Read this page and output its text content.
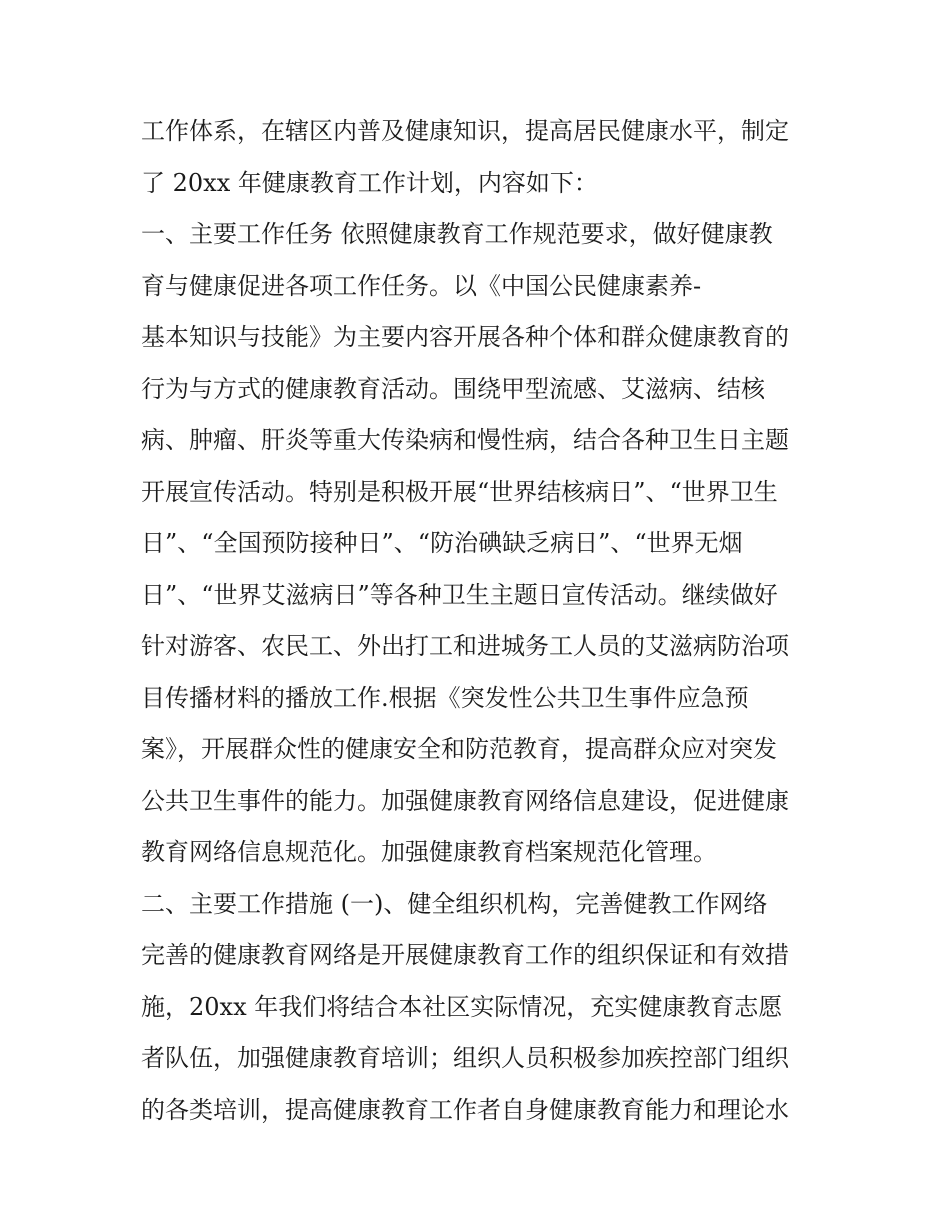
工作体系，在辖区内普及健康知识，提高居民健康水平，制定
了 20xx 年健康教育工作计划，内容如下：
一、主要工作任务 依照健康教育工作规范要求，做好健康教
育与健康促进各项工作任务。以《中国公民健康素养-
基本知识与技能》为主要内容开展各种个体和群众健康教育的
行为与方式的健康教育活动。围绕甲型流感、艾滋病、结核
病、肿瘤、肝炎等重大传染病和慢性病，结合各种卫生日主题
开展宣传活动。特别是积极开展“世界结核病日”、“世界卫生
日”、“全国预防接种日”、“防治碘缺乏病日”、“世界无烟
日”、“世界艾滋病日”等各种卫生主题日宣传活动。继续做好
针对游客、农民工、外出打工和进城务工人员的艾滋病防治项
目传播材料的播放工作.根据《突发性公共卫生事件应急预
案》，开展群众性的健康安全和防范教育，提高群众应对突发
公共卫生事件的能力。加强健康教育网络信息建设，促进健康
教育网络信息规范化。加强健康教育档案规范化管理。
二、主要工作措施 (一)、健全组织机构，完善健教工作网络
完善的健康教育网络是开展健康教育工作的组织保证和有效措
施，20xx 年我们将结合本社区实际情况，充实健康教育志愿
者队伍，加强健康教育培训；组织人员积极参加疾控部门组织
的各类培训，提高健康教育工作者自身健康教育能力和理论水
